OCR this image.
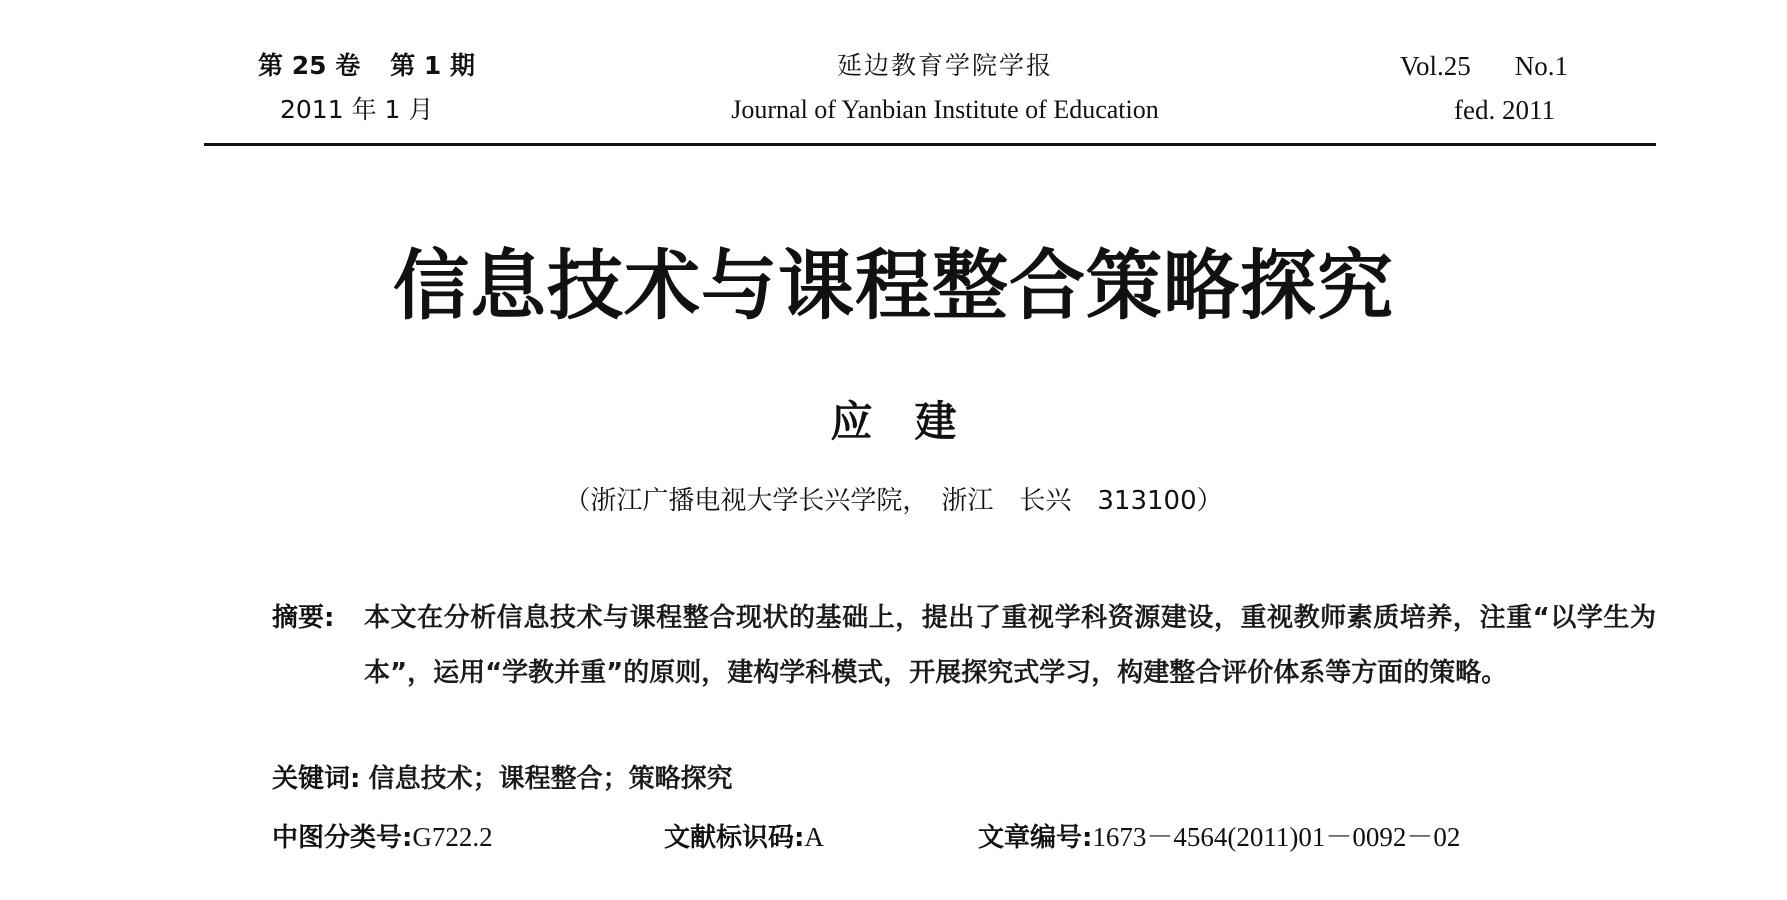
第 25 卷 第 1 期
2011 年 1 月
延边教育学院学报
Journal of Yanbian Institute of Education
Vol.25 No.1
fed. 2011
信息技术与课程整合策略探究
应　建
（浙江广播电视大学长兴学院，　浙江　长兴　313100）
摘要: 本文在分析信息技术与课程整合现状的基础上，提出了重视学科资源建设，重视教师素质培养，注重“以学生为本”，运用“学教并重”的原则，建构学科模式，开展探究式学习，构建整合评价体系等方面的策略。
关键词: 信息技术；课程整合；策略探究
中图分类号:G722.2	文献标识码:A	文章编号:1673－4564(2011)01－0092－02
